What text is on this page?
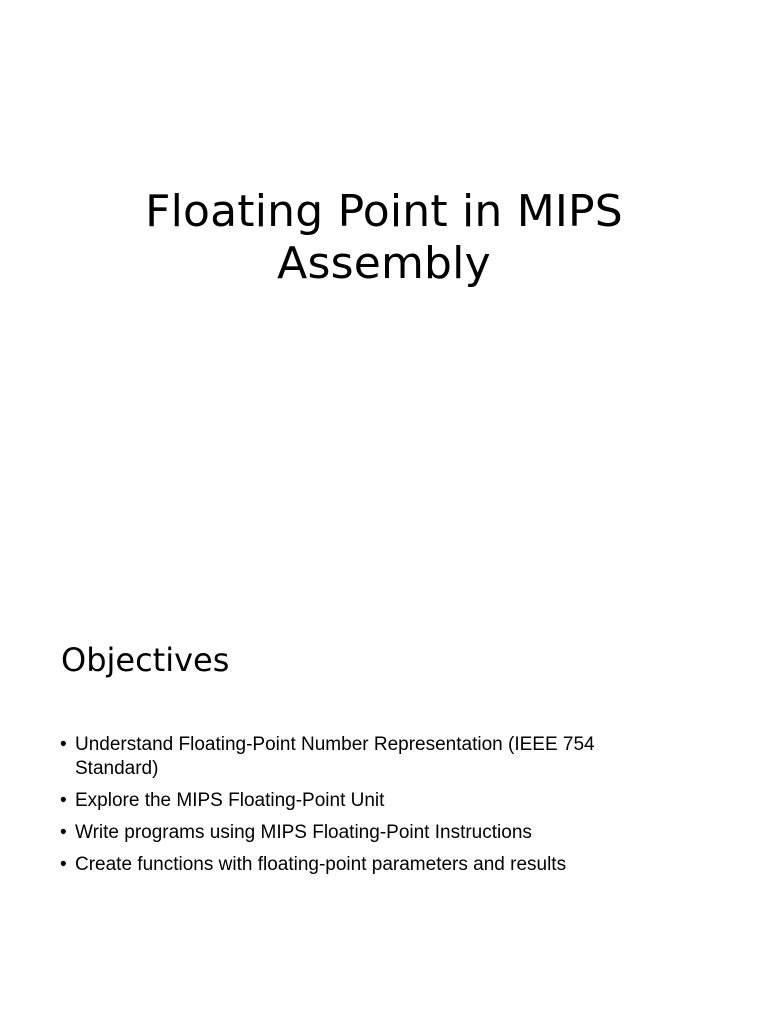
Floating Point in MIPS
Assembly
Objectives
• Understand Floating-Point Number Representation (IEEE 754 Standard)
• Explore the MIPS Floating-Point Unit
• Write programs using MIPS Floating-Point Instructions
• Create functions with floating-point parameters and results
